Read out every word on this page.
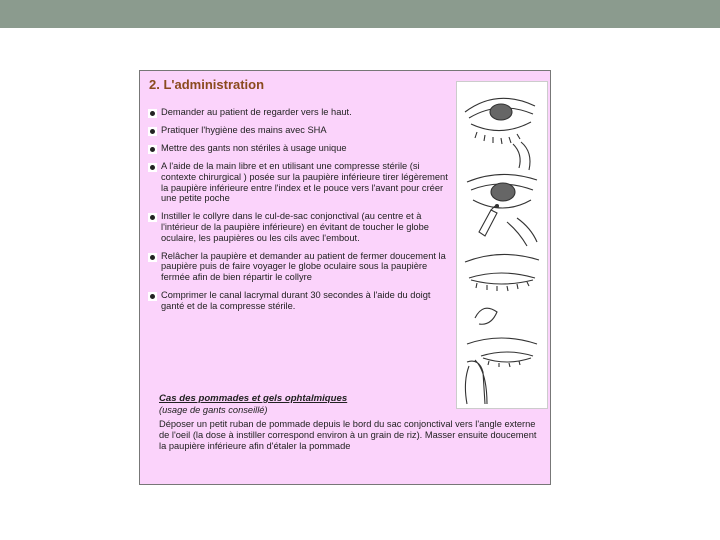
2. L'administration
Demander au patient de regarder vers le haut.
Pratiquer l'hygiène des mains avec SHA
Mettre des gants non stériles à usage unique
A l'aide de la main libre et en utilisant une compresse stérile (si contexte chirurgical ) posée sur la paupière inférieure tirer légèrement la paupière inférieure entre l'index et le pouce vers l'avant pour créer une petite poche
Instiller le collyre dans le cul-de-sac conjonctival (au centre et à l'intérieur de la paupière inférieure) en évitant de toucher le globe oculaire, les paupières ou les cils avec l'embout.
Relâcher la paupière et demander au patient de fermer doucement la paupière puis de faire voyager le globe oculaire sous la paupière fermée afin de bien répartir le collyre
Comprimer le canal lacrymal durant 30 secondes à l'aide du doigt ganté et de la compresse stérile.
Cas des pommades et gels ophtalmiques
(usage de gants conseillé)
Déposer un petit ruban de pommade depuis le bord du sac conjonctival vers l'angle externe de l'oeil (la dose à instiller correspond environ à un grain de riz). Masser ensuite doucement la paupière inférieure afin d'étaler la pommade
